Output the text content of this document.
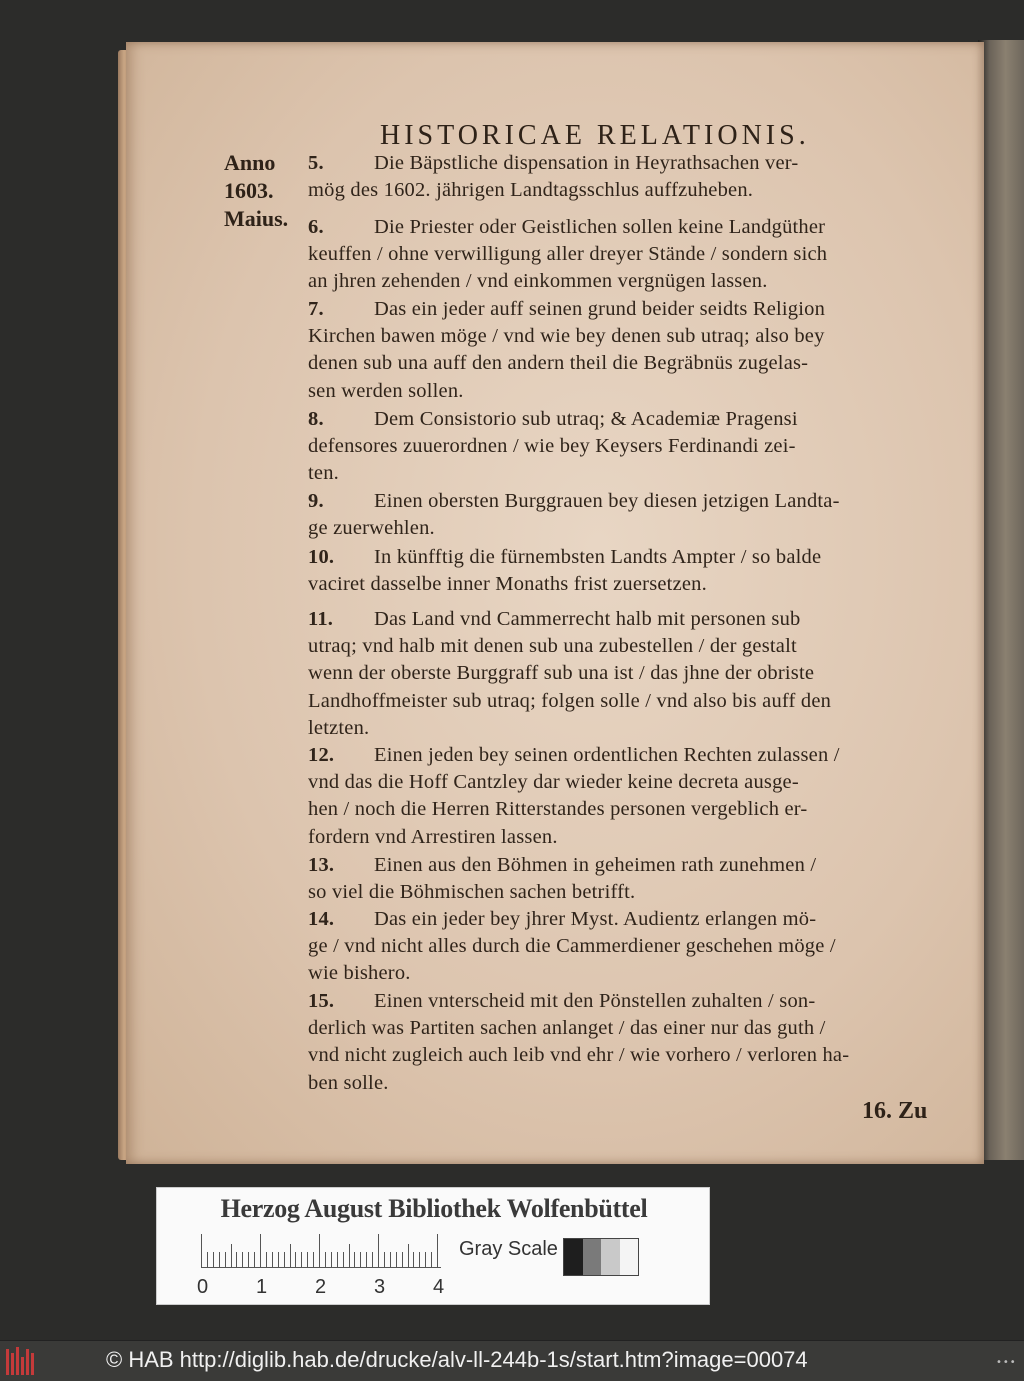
HISTORICAE RELATIONIS.
Anno
1603.
Maius.
5. Die Bäpstliche dispensation in Heyrathsachen ver-
mög des 1602. jährigen Landtagsschlus auffzuheben.
6. Die Priester oder Geistlichen sollen keine Landgüther
keuffen / ohne verwilligung aller dreyer Stände / sondern sich
an jhren zehenden / vnd einkommen vergnügen lassen.
7. Das ein jeder auff seinen grund beider seidts Religion
Kirchen bawen möge / vnd wie bey denen sub utraq; also bey
denen sub una auff den andern theil die Begräbnüs zugelas-
sen werden sollen.
8. Dem Consistorio sub utraq; & Academiæ Pragensi
defensores zuuerordnen / wie bey Keysers Ferdinandi zei-
ten.
9. Einen obersten Burggrauen bey diesen jetzigen Landta-
ge zuerwehlen.
10. In künfftig die fürnembsten Landts Ampter / so balde
vaciret dasselbe inner Monaths frist zuersetzen.
11. Das Land vnd Cammerrecht halb mit personen sub
utraq; vnd halb mit denen sub una zubestellen / der gestalt
wenn der oberste Burggraff sub una ist / das jhne der obriste
Landhoffmeister sub utraq; folgen solle / vnd also bis auff den
letzten.
12. Einen jeden bey seinen ordentlichen Rechten zulassen /
vnd das die Hoff Cantzley dar wieder keine decreta ausge-
hen / noch die Herren Ritterstandes personen vergeblich er-
fordern vnd Arrestiren lassen.
13. Einen aus den Böhmen in geheimen rath zunehmen /
so viel die Böhmischen sachen betrifft.
14. Das ein jeder bey jhrer Myst. Audientz erlangen mö-
ge / vnd nicht alles durch die Cammerdiener geschehen möge /
wie bishero.
15. Einen vnterscheid mit den Pönstellen zuhalten / son-
derlich was Partiten sachen anlanget / das einer nur das guth /
vnd nicht zugleich auch leib vnd ehr / wie vorhero / verloren ha-
ben solle.
16. Zu
Herzog August Bibliothek Wolfenbüttel
0 1 2 3 4
Gray Scale
© HAB http://diglib.hab.de/drucke/alv-ll-244b-1s/start.htm?image=00074	•••
